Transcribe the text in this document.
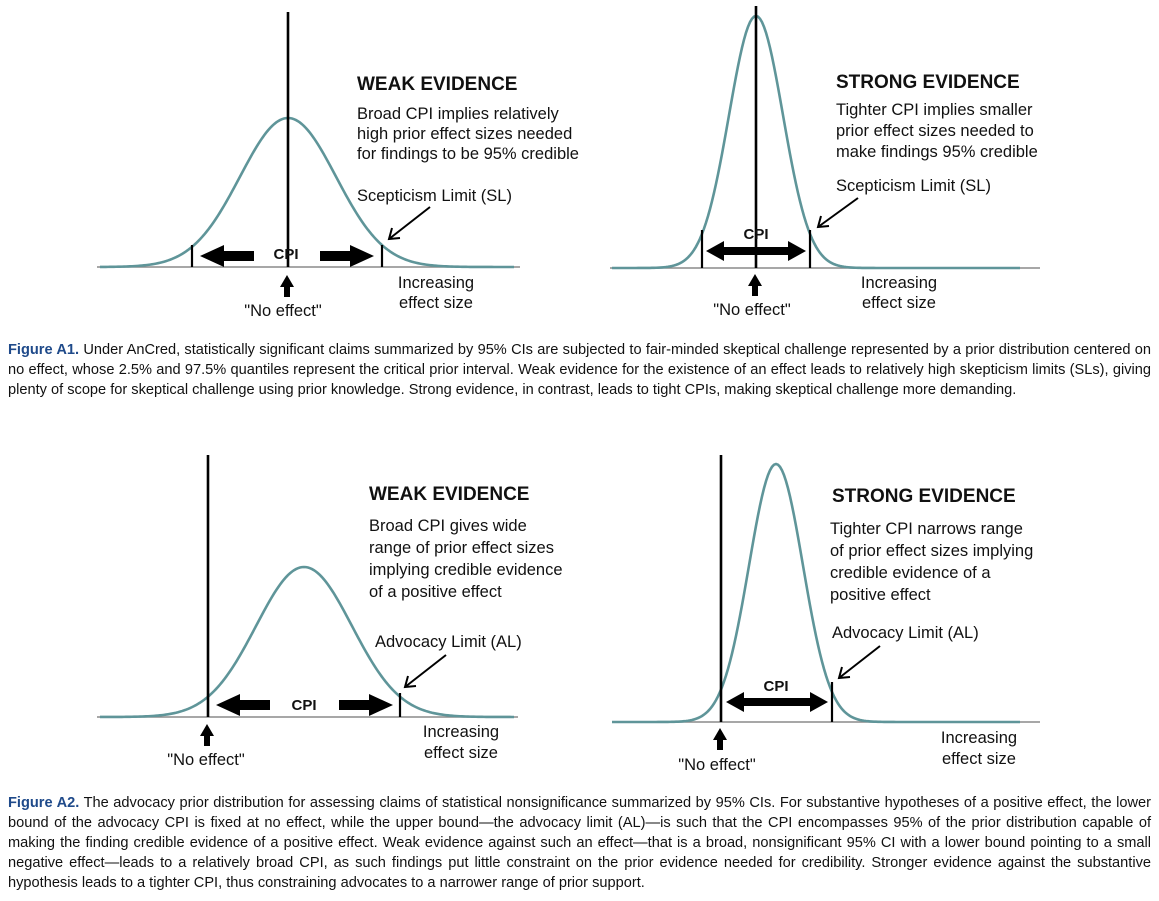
CPI
"No effect"
Increasing
effect size
WEAK EVIDENCE
Broad CPI implies relatively
high prior effect sizes needed
for findings to be 95% credible
Scepticism Limit (SL)
CPI
"No effect"
Increasing
effect size
STRONG EVIDENCE
Tighter CPI implies smaller
prior effect sizes needed to
make findings 95% credible
Scepticism Limit (SL)

Figure A1. Under AnCred, statistically significant claims summarized by 95% CIs are subjected to fair-minded skeptical challenge represented by a prior distribution centered on no effect, whose 2.5% and 97.5% quantiles represent the critical prior interval. Weak evidence for the existence of an effect leads to relatively high skepticism limits (SLs), giving plenty of scope for skeptical challenge using prior knowledge. Strong evidence, in contrast, leads to tight CPIs, making skeptical challenge more demanding.

CPI
"No effect"
Increasing
effect size
WEAK EVIDENCE
Broad CPI gives wide
range of prior effect sizes
implying credible evidence
of a positive effect
Advocacy Limit (AL)
CPI
"No effect"
Increasing
effect size
STRONG EVIDENCE
Tighter CPI narrows range
of prior effect sizes implying
credible evidence of a
positive effect
Advocacy Limit (AL)

Figure A2. The advocacy prior distribution for assessing claims of statistical nonsignificance summarized by 95% CIs. For substantive hypotheses of a positive effect, the lower bound of the advocacy CPI is fixed at no effect, while the upper bound—the advocacy limit (AL)—is such that the CPI encompasses 95% of the prior distribution capable of making the finding credible evidence of a positive effect. Weak evidence against such an effect—that is a broad, nonsignificant 95% CI with a lower bound pointing to a small negative effect—leads to a relatively broad CPI, as such findings put little constraint on the prior evidence needed for credibility. Stronger evidence against the substantive hypothesis leads to a tighter CPI, thus constraining advocates to a narrower range of prior support.
